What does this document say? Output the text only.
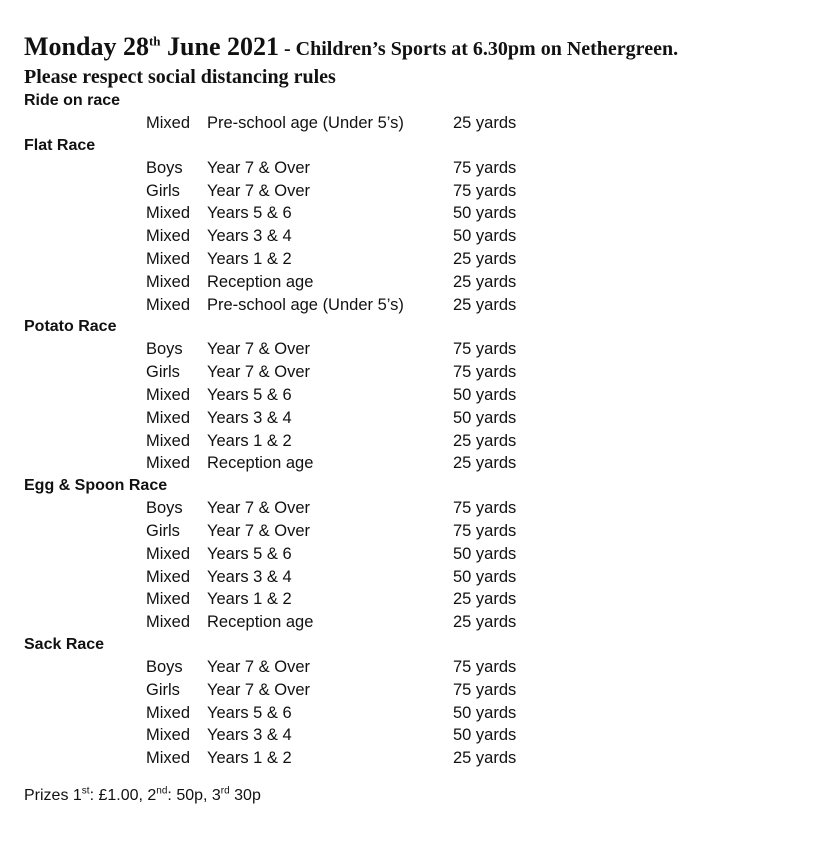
Monday 28th June 2021 - Children’s Sports at 6.30pm on Nethergreen.
Please respect social distancing rules
Ride on race
Mixed	Pre-school age (Under 5’s)	25 yards
Flat Race
Boys	Year 7 & Over	75 yards
Girls	Year 7 & Over	75 yards
Mixed	Years 5 & 6	50 yards
Mixed	Years 3 & 4	50 yards
Mixed	Years 1 & 2	25 yards
Mixed	Reception age	25 yards
Mixed	Pre-school age (Under 5’s)	25 yards
Potato Race
Boys	Year 7 & Over	75 yards
Girls	Year 7 & Over	75 yards
Mixed	Years 5 & 6	50 yards
Mixed	Years 3 & 4	50 yards
Mixed	Years 1 & 2	25 yards
Mixed	Reception age	25 yards
Egg & Spoon Race
Boys	Year 7 & Over	75 yards
Girls	Year 7 & Over	75 yards
Mixed	Years 5 & 6	50 yards
Mixed	Years 3 & 4	50 yards
Mixed	Years 1 & 2	25 yards
Mixed	Reception age	25 yards
Sack Race
Boys	Year 7 & Over	75 yards
Girls	Year 7 & Over	75 yards
Mixed	Years 5 & 6	50 yards
Mixed	Years 3 & 4	50 yards
Mixed	Years 1 & 2	25 yards
Prizes 1st: £1.00, 2nd: 50p, 3rd 30p
